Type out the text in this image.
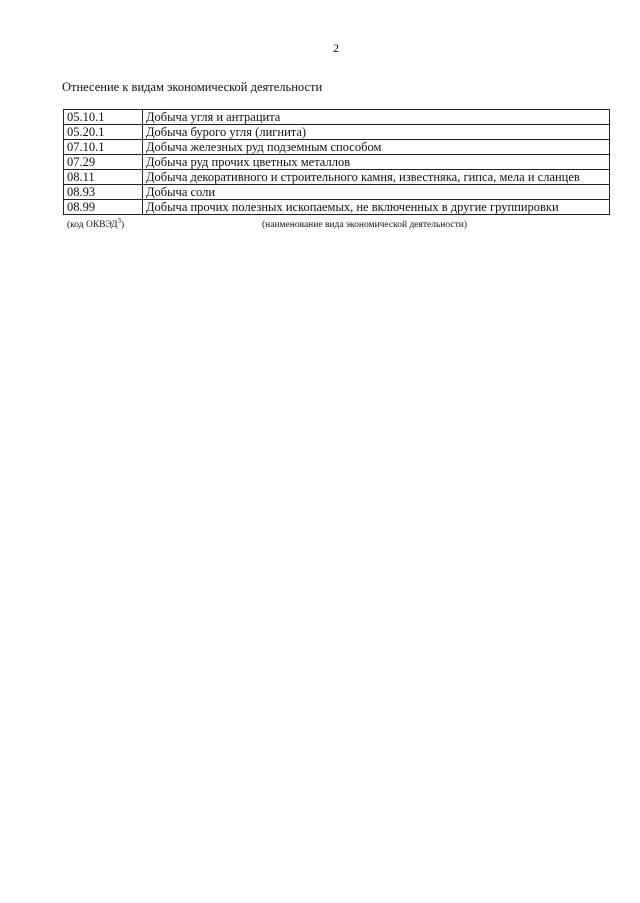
2
Отнесение к видам экономической деятельности
05.10.1	Добыча угля и антрацита
05.20.1	Добыча бурого угля (лигнита)
07.10.1	Добыча железных руд подземным способом
07.29	Добыча руд прочих цветных металлов
08.11	Добыча декоративного и строительного камня, известняка, гипса, мела и сланцев
08.93	Добыча соли
08.99	Добыча прочих полезных ископаемых, не включенных в другие группировки
(код ОКВЭД$^3$)	(наименование вида экономической деятельности)
